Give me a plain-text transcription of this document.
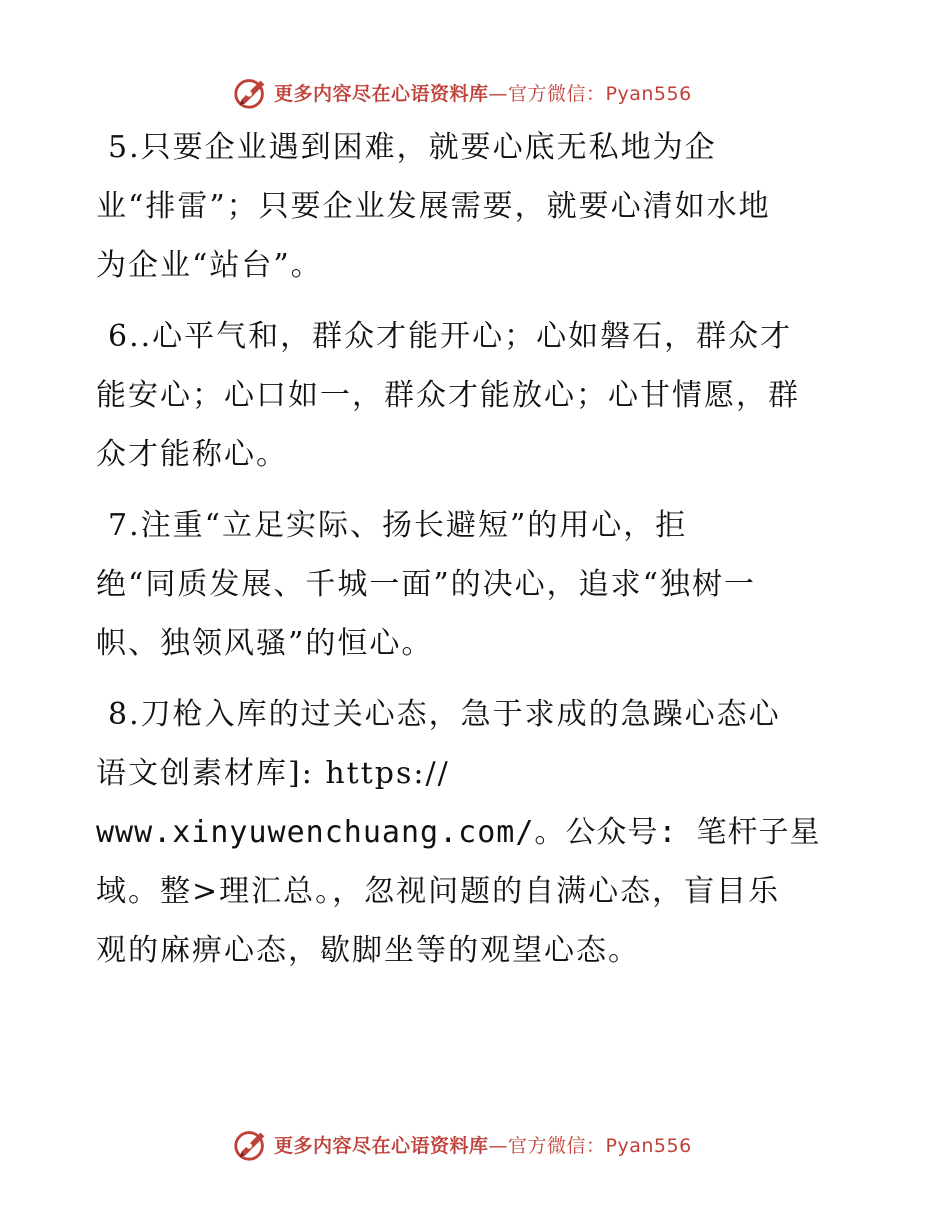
更多内容尽在心语资料库—官方微信：Pyan556

5.只要企业遇到困难，就要心底无私地为企
业“排雷”；只要企业发展需要，就要心清如水地
为企业“站台”。

6..心平气和，群众才能开心；心如磐石，群众才
能安心；心口如一，群众才能放心；心甘情愿，群
众才能称心。

7.注重“立足实际、扬长避短”的用心，拒
绝“同质发展、千城一面”的决心，追求“独树一
帜、独领风骚”的恒心。

8.刀枪入库的过关心态，急于求成的急躁心态心
语文创素材库]: https://
www.xinyuwenchuang.com/。公众号: 笔杆子星
域。整>理汇总。，忽视问题的自满心态，盲目乐
观的麻痹心态，歇脚坐等的观望心态。

更多内容尽在心语资料库—官方微信：Pyan556
